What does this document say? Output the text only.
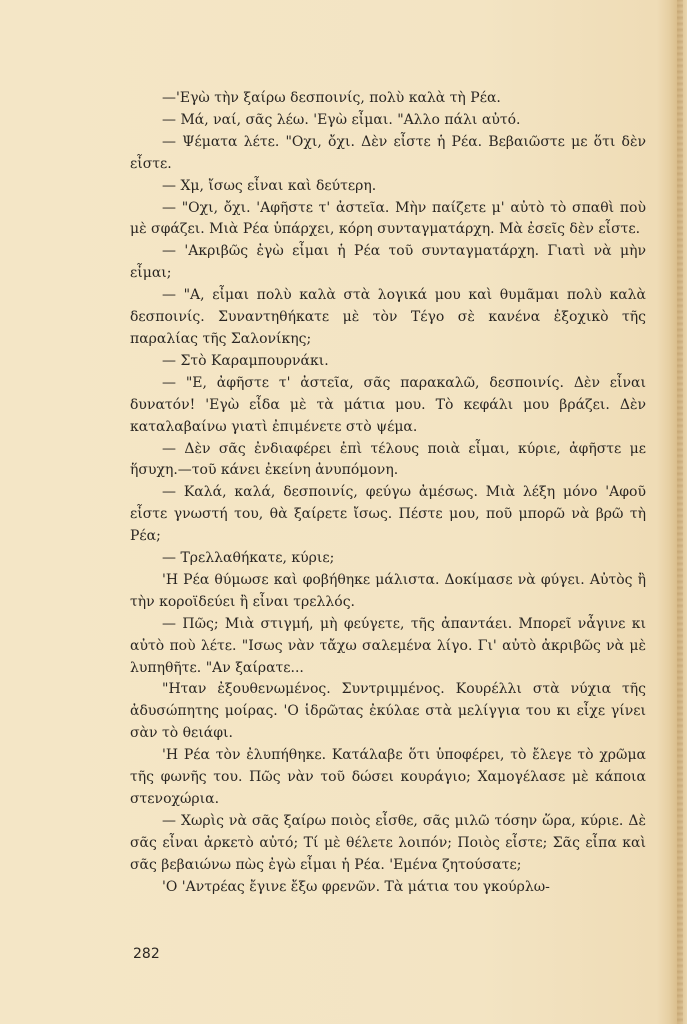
—'Εγὼ τὴν ξαίρω δεσποινίς, πολὺ καλὰ τὴ Ρέα.

— Μά, ναί, σᾶς λέω. 'Εγὼ εἶμαι. "Αλλο πάλι αὐτό.

— Ψέματα λέτε. "Οχι, ὄχι. Δὲν εἶστε ἡ Ρέα. Βεβαιῶστε με ὅτι δὲν εἶστε.

— Χμ, ἴσως εἶναι καὶ δεύτερη.

— "Οχι, ὄχι. 'Αφῆστε τ' ἀστεῖα. Μὴν παίζετε μ' αὐτὸ τὸ σπαθὶ ποὺ μὲ σφάζει. Μιὰ Ρέα ὑπάρχει, κόρη συνταγματάρχη. Μὰ ἐσεῖς δὲν εἶστε.

— 'Ακριβῶς ἐγὼ εἶμαι ἡ Ρέα τοῦ συνταγματάρχη. Γιατὶ νὰ μὴν εἶμαι;

— "Α, εἶμαι πολὺ καλὰ στὰ λογικά μου καὶ θυμᾶμαι πολὺ καλὰ δεσποινίς. Συναντηθήκατε μὲ τὸν Τέγο σὲ κανένα ἐξοχικὸ τῆς παραλίας τῆς Σαλονίκης;

— Στὸ Καραμπουρνάκι.

— "Ε, ἀφῆστε τ' ἀστεῖα, σᾶς παρακαλῶ, δεσποινίς. Δὲν εἶναι δυνατόν! 'Εγὼ εἶδα μὲ τὰ μάτια μου. Τὸ κεφάλι μου βράζει. Δὲν καταλαβαίνω γιατὶ ἐπιμένετε στὸ ψέμα.

— Δὲν σᾶς ἐνδιαφέρει ἐπὶ τέλους ποιὰ εἶμαι, κύριε, ἀφῆστε με ἥσυχη.—τοῦ κάνει ἐκείνη ἀνυπόμονη.

— Καλά, καλά, δεσποινίς, φεύγω ἀμέσως. Μιὰ λέξη μόνο 'Αφοῦ εἶστε γνωστή του, θὰ ξαίρετε ἴσως. Πέστε μου, ποῦ μπορῶ νὰ βρῶ τὴ Ρέα;

— Τρελλαθήκατε, κύριε;

'Η Ρέα θύμωσε καὶ φοβήθηκε μάλιστα. Δοκίμασε νὰ φύγει. Αὐτὸς ἢ τὴν κοροϊδεύει ἢ εἶναι τρελλός.

— Πῶς; Μιὰ στιγμή, μὴ φεύγετε, τῆς ἀπαντάει. Μπορεῖ νἆγινε κι αὐτὸ ποὺ λέτε. "Ισως νὰν τἄχω σαλεμένα λίγο. Γι' αὐτὸ ἀκριβῶς νὰ μὲ λυπηθῆτε. "Αν ξαίρατε...

"Ηταν ἐξουθενωμένος. Συντριμμένος. Κουρέλλι στὰ νύχια τῆς ἀδυσώπητης μοίρας. 'Ο ἱδρῶτας ἐκύλαε στὰ μελίγγια του κι εἶχε γίνει σὰν τὸ θειάφι.

'Η Ρέα τὸν ἐλυπήθηκε. Κατάλαβε ὅτι ὑποφέρει, τὸ ἔλεγε τὸ χρῶμα τῆς φωνῆς του. Πῶς νὰν τοῦ δώσει κουράγιο; Χαμογέλασε μὲ κάποια στενοχώρια.

— Χωρὶς νὰ σᾶς ξαίρω ποιὸς εἶσθε, σᾶς μιλῶ τόσην ὥρα, κύριε. Δὲ σᾶς εἶναι ἀρκετὸ αὐτό; Τί μὲ θέλετε λοιπόν; Ποιὸς εἶστε; Σᾶς εἶπα καὶ σᾶς βεβαιώνω πὼς ἐγὼ εἶμαι ἡ Ρέα. 'Εμένα ζητούσατε;

'Ο 'Αντρέας ἔγινε ἔξω φρενῶν. Τὰ μάτια του γκούρλω-

282
